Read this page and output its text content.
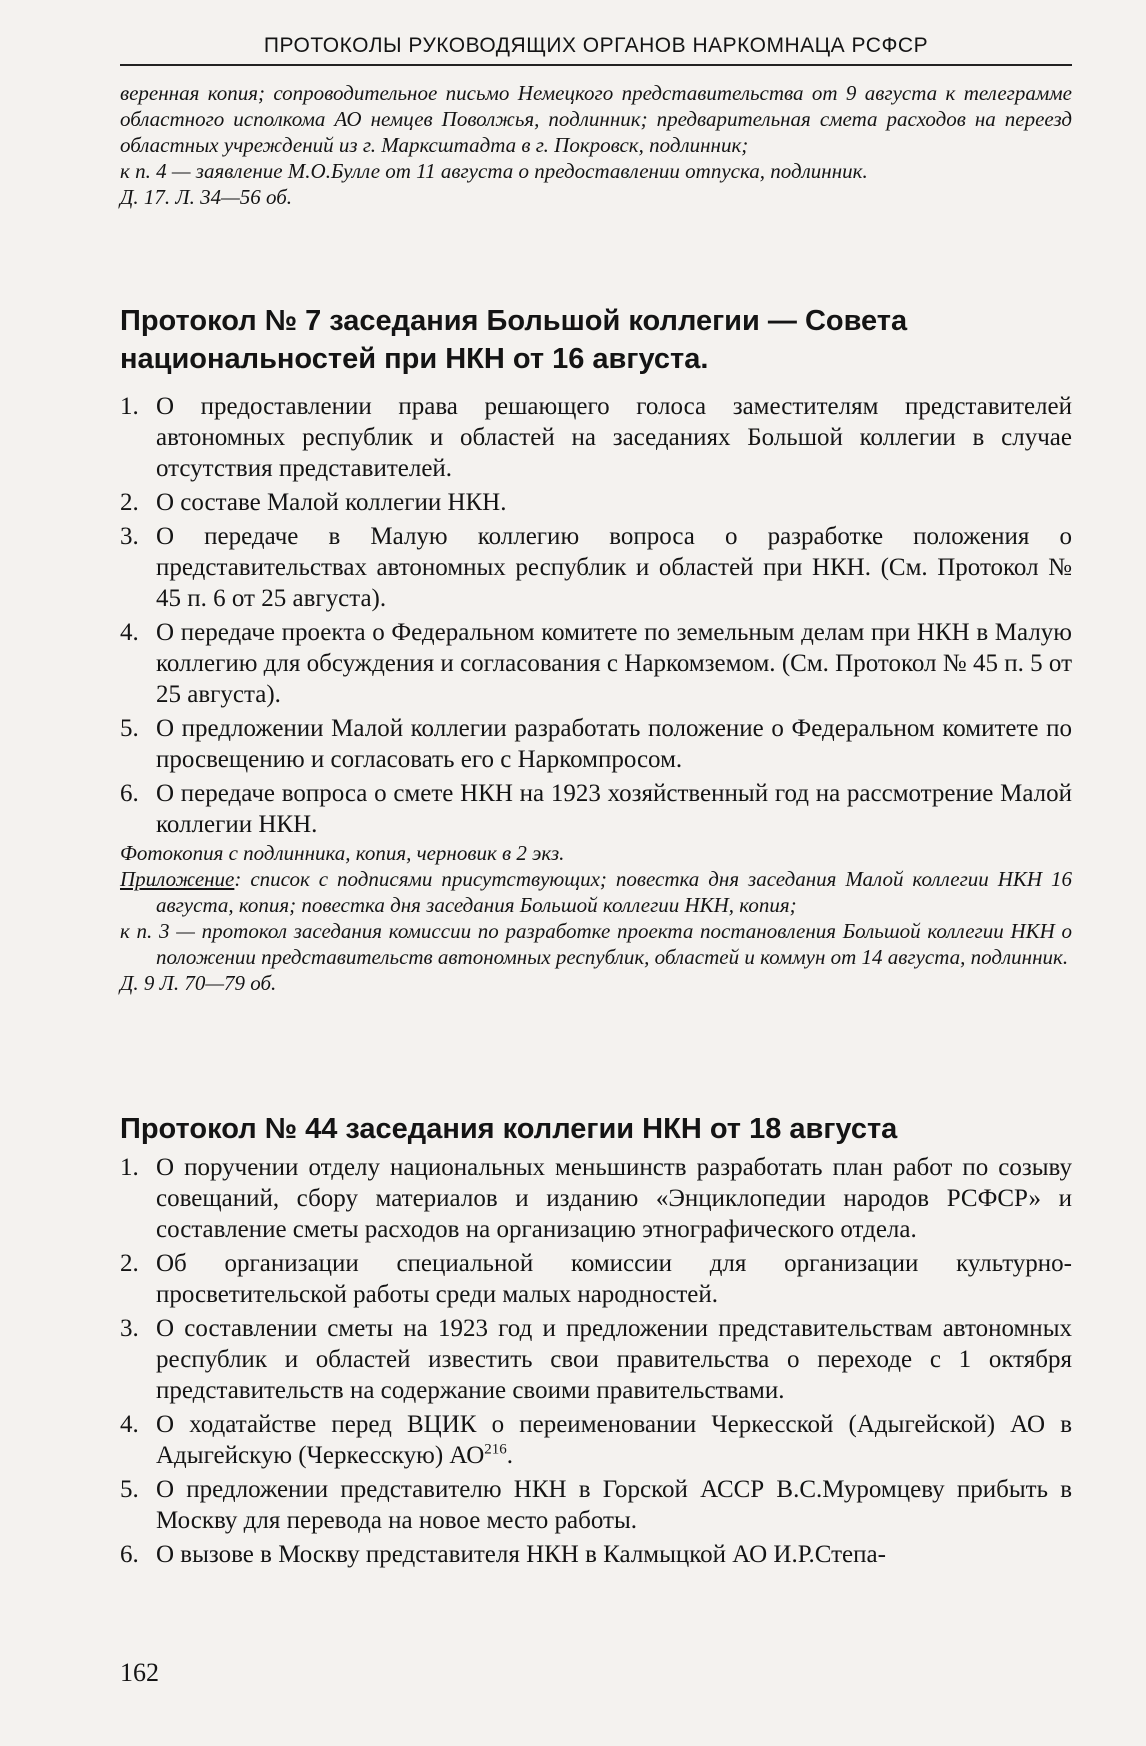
ПРОТОКОЛЫ РУКОВОДЯЩИХ ОРГАНОВ НАРКОМНАЦА РСФСР

веренная копия; сопроводительное письмо Немецкого представительства от 9 августа к телеграмме областного исполкома АО немцев Поволжья, подлинник; предварительная смета расходов на переезд областных учреждений из г. Марксштадта в г. Покровск, подлинник;

к п. 4 — заявление М.О.Булле от 11 августа о предоставлении отпуска, подлинник.

Д. 17. Л. 34—56 об.

Протокол № 7 заседания Большой коллегии — Совета национальностей при НКН от 16 августа.
1. О предоставлении права решающего голоса заместителям представителей автономных республик и областей на заседаниях Большой коллегии в случае отсутствия представителей.
2. О составе Малой коллегии НКН.
3. О передаче в Малую коллегию вопроса о разработке положения о представительствах автономных республик и областей при НКН. (См. Протокол № 45 п. 6 от 25 августа).
4. О передаче проекта о Федеральном комитете по земельным делам при НКН в Малую коллегию для обсуждения и согласования с Наркомземом. (См. Протокол № 45 п. 5 от 25 августа).
5. О предложении Малой коллегии разработать положение о Федеральном комитете по просвещению и согласовать его с Наркомпросом.
6. О передаче вопроса о смете НКН на 1923 хозяйственный год на рассмотрение Малой коллегии НКН.

Фотокопия с подлинника, копия, черновик в 2 экз.

Приложение: список с подписями присутствующих; повестка дня заседания Малой коллегии НКН 16 августа, копия; повестка дня заседания Большой коллегии НКН, копия;

к п. 3 — протокол заседания комиссии по разработке проекта постановления Большой коллегии НКН о положении представительств автономных республик, областей и коммун от 14 августа, подлинник.

Д. 9 Л. 70—79 об.

Протокол № 44 заседания коллегии НКН от 18 августа
1. О поручении отделу национальных меньшинств разработать план работ по созыву совещаний, сбору материалов и изданию «Энциклопедии народов РСФСР» и составление сметы расходов на организацию этнографического отдела.
2. Об организации специальной комиссии для организации культурно-просветительской работы среди малых народностей.
3. О составлении сметы на 1923 год и предложении представительствам автономных республик и областей известить свои правительства о переходе с 1 октября представительств на содержание своими правительствами.
4. О ходатайстве перед ВЦИК о переименовании Черкесской (Адыгейской) АО в Адыгейскую (Черкесскую) АО$^{216}$.
5. О предложении представителю НКН в Горской АССР В.С.Муромцеву прибыть в Москву для перевода на новое место работы.
6. О вызове в Москву представителя НКН в Калмыцкой АО И.Р.Степа-
162
